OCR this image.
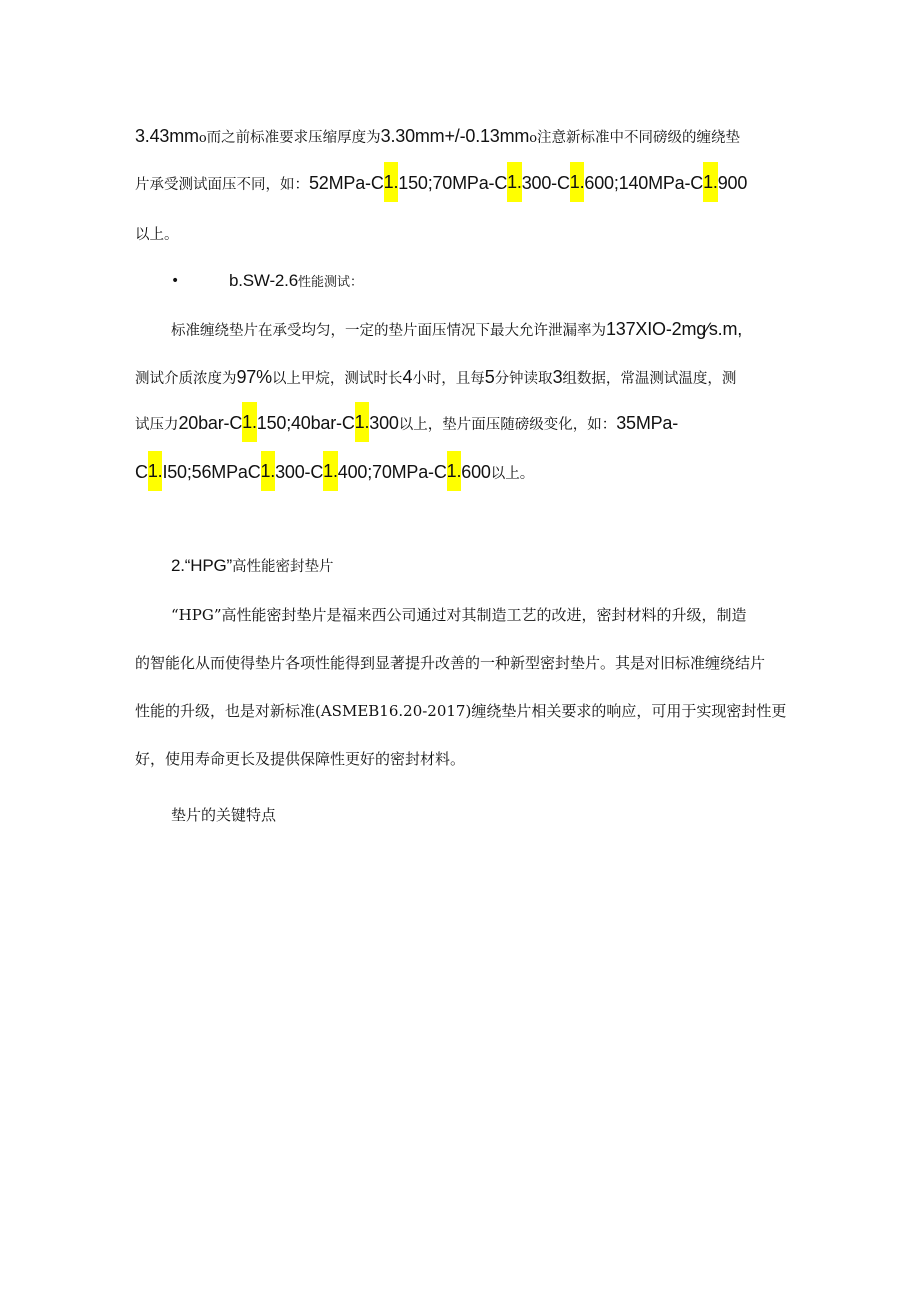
3.43mmo而之前标准要求压缩厚度为3.30mm+/-0.13mmo注意新标准中不同磅级的缠绕垫
片承受测试面压不同，如：52MPa-C1.150;70MPa-C1.300-C1.600;140MPa-C1.900
以上。
•	b.SW-2.6性能测试：
标准缠绕垫片在承受均匀，一定的垫片面压情况下最大允许泄漏率为137XIO-2mg∕s.m,
测试介质浓度为97%以上甲烷，测试时长4小时，且每5分钟读取3组数据，常温测试温度，测
试压力20bar-C1.150;40bar-C1.300以上，垫片面压随磅级变化，如：35MPa-
C1.I50;56MPaC1.300-C1.400;70MPa-C1.600以上。
2.“HPG”高性能密封垫片
“HPG”高性能密封垫片是福来西公司通过对其制造工艺的改进，密封材料的升级，制造
的智能化从而使得垫片各项性能得到显著提升改善的一种新型密封垫片。其是对旧标准缠绕结片
性能的升级，也是对新标准(ASMEB16.20-2017)缠绕垫片相关要求的响应，可用于实现密封性更
好，使用寿命更长及提供保障性更好的密封材料。
垫片的关键特点
